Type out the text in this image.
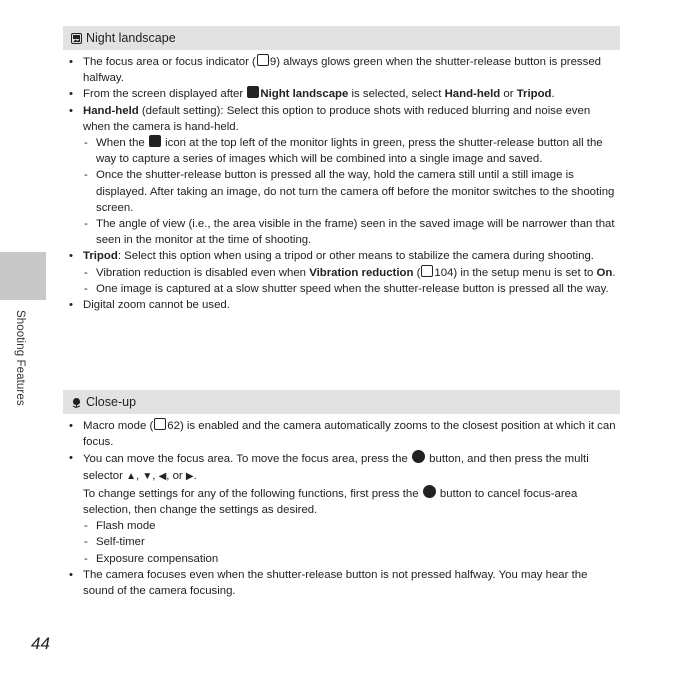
Shooting Features
44
Night landscape
• The focus area or focus indicator ( 9) always glows green when the shutter-release button is pressed halfway.
• From the screen displayed after Night landscape is selected, select Hand-held or Tripod.
• Hand-held (default setting): Select this option to produce shots with reduced blurring and noise even when the camera is hand-held.
- When the  icon at the top left of the monitor lights in green, press the shutter-release button all the way to capture a series of images which will be combined into a single image and saved.
- Once the shutter-release button is pressed all the way, hold the camera still until a still image is displayed. After taking an image, do not turn the camera off before the monitor switches to the shooting screen.
- The angle of view (i.e., the area visible in the frame) seen in the saved image will be narrower than that seen in the monitor at the time of shooting.
• Tripod: Select this option when using a tripod or other means to stabilize the camera during shooting.
- Vibration reduction is disabled even when Vibration reduction ( 104) in the setup menu is set to On.
- One image is captured at a slow shutter speed when the shutter-release button is pressed all the way.
• Digital zoom cannot be used.
Close-up
• Macro mode ( 62) is enabled and the camera automatically zooms to the closest position at which it can focus.
• You can move the focus area. To move the focus area, press the  button, and then press the multi selector ▲, ▼, ◀, or ▶.
To change settings for any of the following functions, first press the  button to cancel focus-area selection, then change the settings as desired.
- Flash mode
- Self-timer
- Exposure compensation
• The camera focuses even when the shutter-release button is not pressed halfway. You may hear the sound of the camera focusing.
